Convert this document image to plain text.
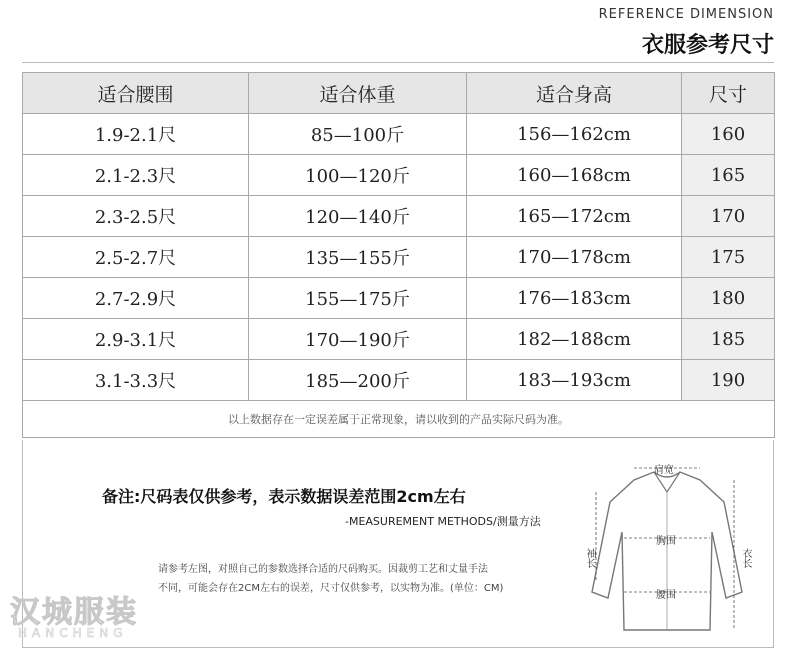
REFERENCE DIMENSION
衣服参考尺寸
适合腰围	适合体重	适合身高	尺寸
1.9-2.1尺	85—100斤	156—162cm	160
2.1-2.3尺	100—120斤	160—168cm	165
2.3-2.5尺	120—140斤	165—172cm	170
2.5-2.7尺	135—155斤	170—178cm	175
2.7-2.9尺	155—175斤	176—183cm	180
2.9-3.1尺	170—190斤	182—188cm	185
3.1-3.3尺	185—200斤	183—193cm	190
以上数据存在一定误差属于正常现象，请以收到的产品实际尺码为准。			
备注:尺码表仅供参考，表示数据误差范围2cm左右
-MEASUREMENT METHODS/测量方法
请参考左图，对照自己的参数选择合适的尺码购买。因裁剪工艺和丈量手法
不同，可能会存在2CM左右的误差，尺寸仅供参考，以实物为准。(单位：CM)
肩宽
胸围
腰围
衣长
袖长
汉城服装
HANCHENG
